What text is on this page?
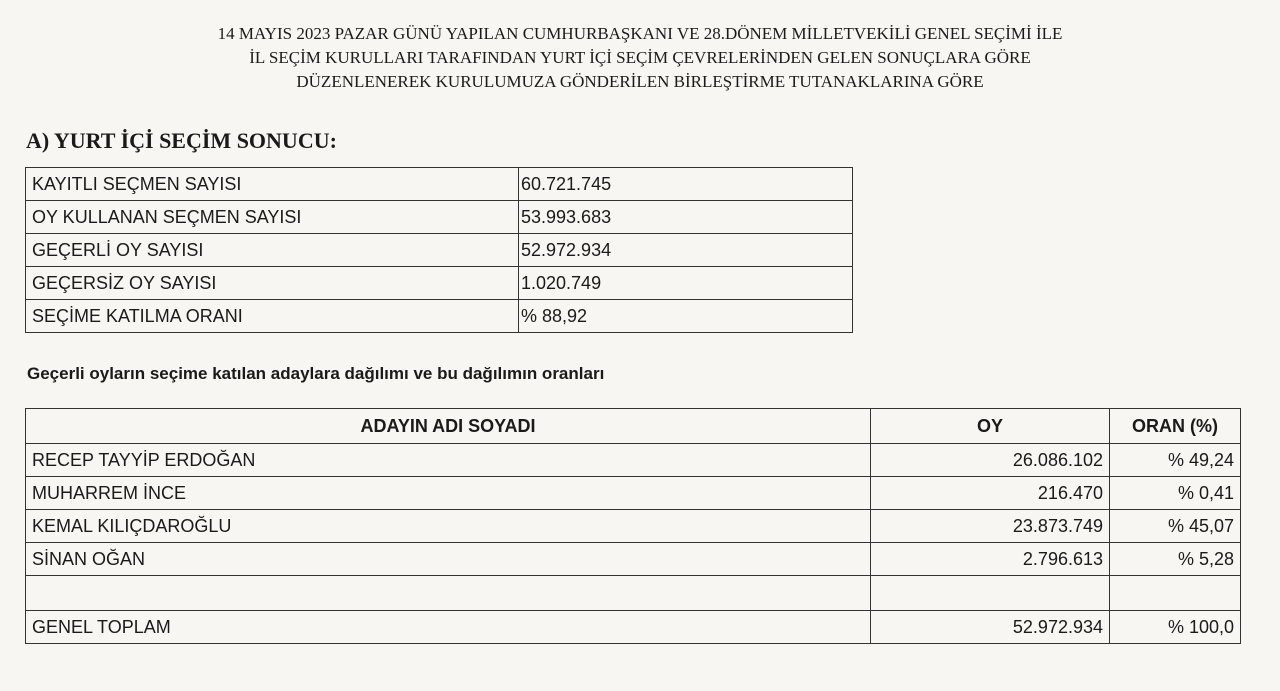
14 MAYIS 2023 PAZAR GÜNÜ YAPILAN CUMHURBAŞKANI VE 28.DÖNEM MİLLETVEKİLİ GENEL SEÇİMİ İLE
İL SEÇİM KURULLARI TARAFINDAN YURT İÇİ SEÇİM ÇEVRELERİNDEN GELEN SONUÇLARA GÖRE
DÜZENLENEREK KURULUMUZA GÖNDERİLEN BİRLEŞTİRME TUTANAKLARINA GÖRE
A) YURT İÇİ SEÇİM SONUCU:
KAYITLI SEÇMEN SAYISI	60.721.745
OY KULLANAN SEÇMEN SAYISI	53.993.683
GEÇERLİ OY SAYISI	52.972.934
GEÇERSİZ OY SAYISI	1.020.749
SEÇİME KATILMA ORANI	% 88,92
Geçerli oyların seçime katılan adaylara dağılımı ve bu dağılımın oranları
ADAYIN ADI SOYADI	OY	ORAN (%)
RECEP TAYYİP ERDOĞAN	26.086.102	% 49,24
MUHARREM İNCE	216.470	% 0,41
KEMAL KILIÇDAROĞLU	23.873.749	% 45,07
SİNAN OĞAN	2.796.613	% 5,28

GENEL TOPLAM	52.972.934	% 100,0
